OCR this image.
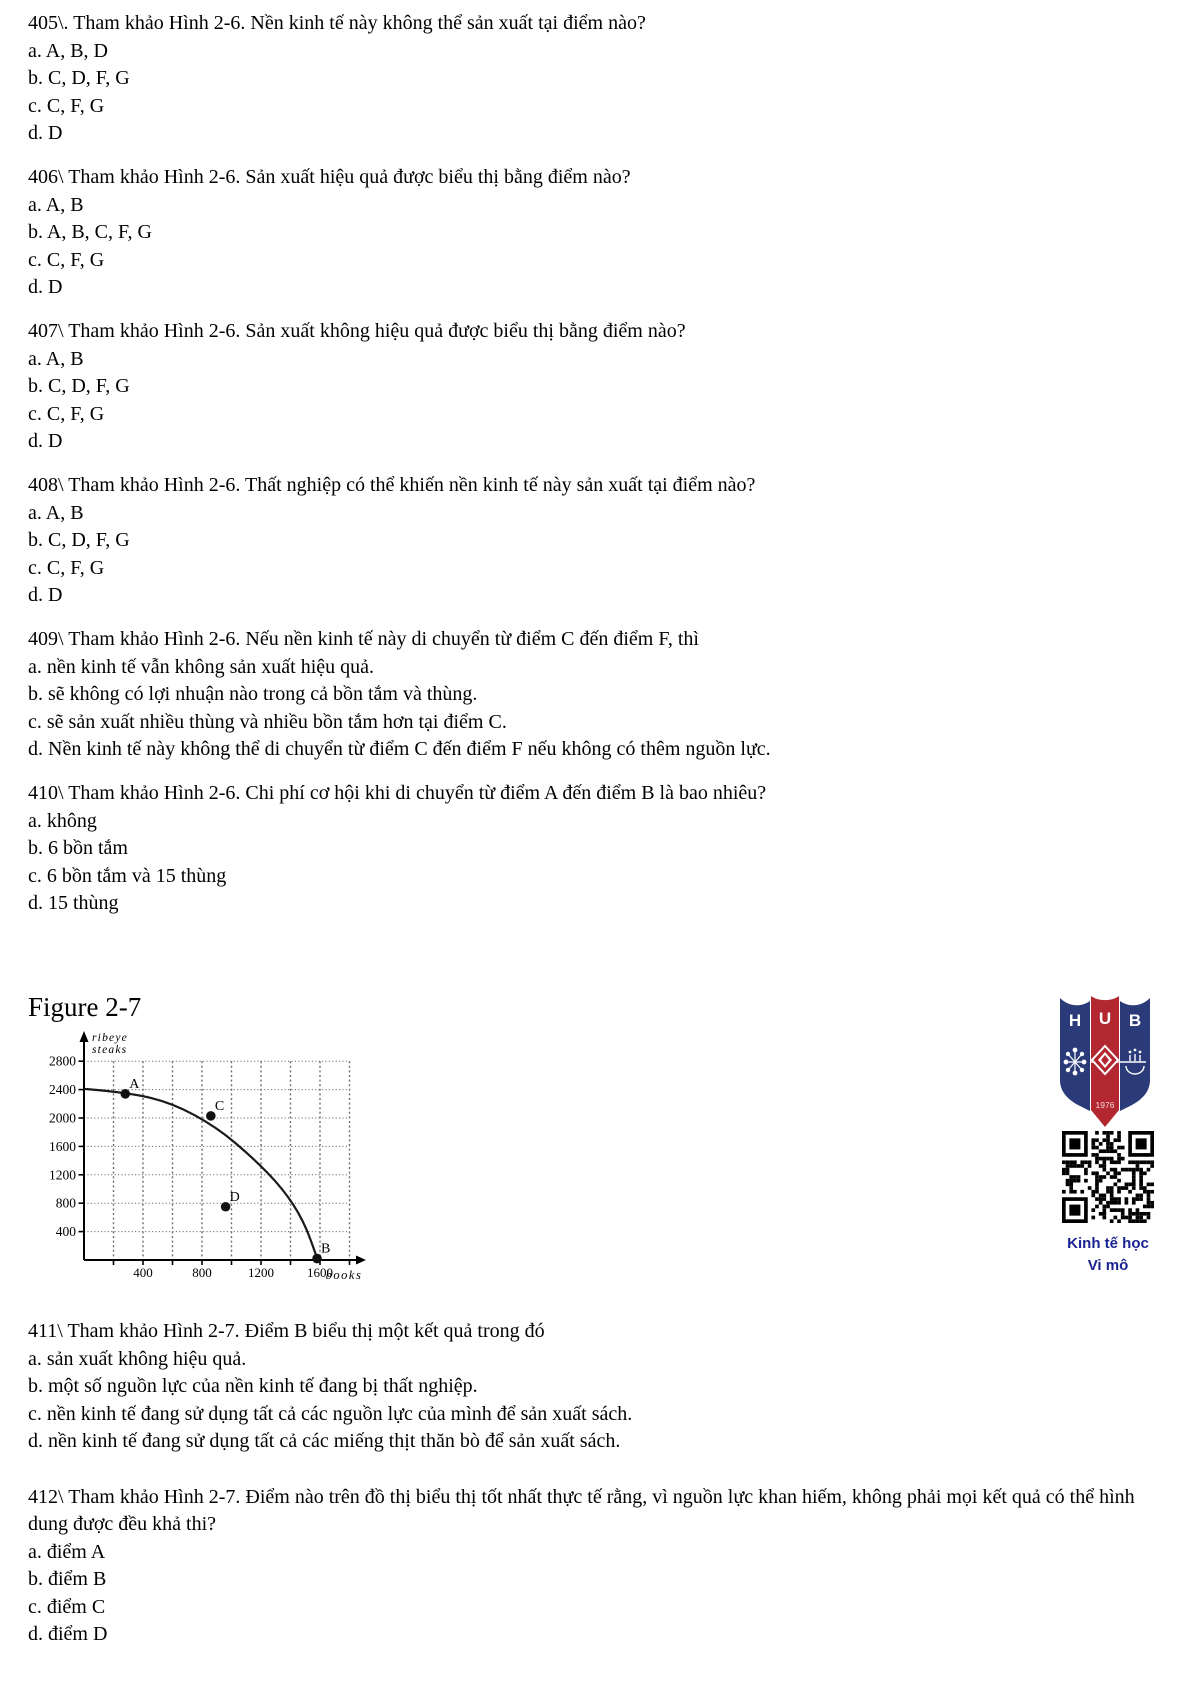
405\. Tham khảo Hình 2-6. Nền kinh tế này không thể sản xuất tại điểm nào?
a. A, B, D
b. C, D, F, G
c. C, F, G
d. D
406\ Tham khảo Hình 2-6. Sản xuất hiệu quả được biểu thị bằng điểm nào?
a. A, B
b. A, B, C, F, G
c. C, F, G
d. D
407\ Tham khảo Hình 2-6. Sản xuất không hiệu quả được biểu thị bằng điểm nào?
a. A, B
b. C, D, F, G
c. C, F, G
d. D
408\ Tham khảo Hình 2-6. Thất nghiệp có thể khiến nền kinh tế này sản xuất tại điểm nào?
a. A, B
b. C, D, F, G
c. C, F, G
d. D
409\ Tham khảo Hình 2-6. Nếu nền kinh tế này di chuyển từ điểm C đến điểm F, thì
a. nền kinh tế vẫn không sản xuất hiệu quả.
b. sẽ không có lợi nhuận nào trong cả bồn tắm và thùng.
c. sẽ sản xuất nhiều thùng và nhiều bồn tắm hơn tại điểm C.
d. Nền kinh tế này không thể di chuyển từ điểm C đến điểm F nếu không có thêm nguồn lực.
410\ Tham khảo Hình 2-6. Chi phí cơ hội khi di chuyển từ điểm A đến điểm B là bao nhiêu?
a. không
b. 6 bồn tắm
c. 6 bồn tắm và 15 thùng
d. 15 thùng
Figure 2-7
400	800	1200	1600
400
800
1200
1600
2000
2400
2800
ribeye steaks
books
A
C
D
B
H U B
1976
Kinh tế học
Vi mô
411\ Tham khảo Hình 2-7. Điểm B biểu thị một kết quả trong đó
a. sản xuất không hiệu quả.
b. một số nguồn lực của nền kinh tế đang bị thất nghiệp.
c. nền kinh tế đang sử dụng tất cả các nguồn lực của mình để sản xuất sách.
d. nền kinh tế đang sử dụng tất cả các miếng thịt thăn bò để sản xuất sách.
412\ Tham khảo Hình 2-7. Điểm nào trên đồ thị biểu thị tốt nhất thực tế rằng, vì nguồn lực khan hiếm, không phải mọi kết quả có thể hình dung được đều khả thi?
a. điểm A
b. điểm B
c. điểm C
d. điểm D
